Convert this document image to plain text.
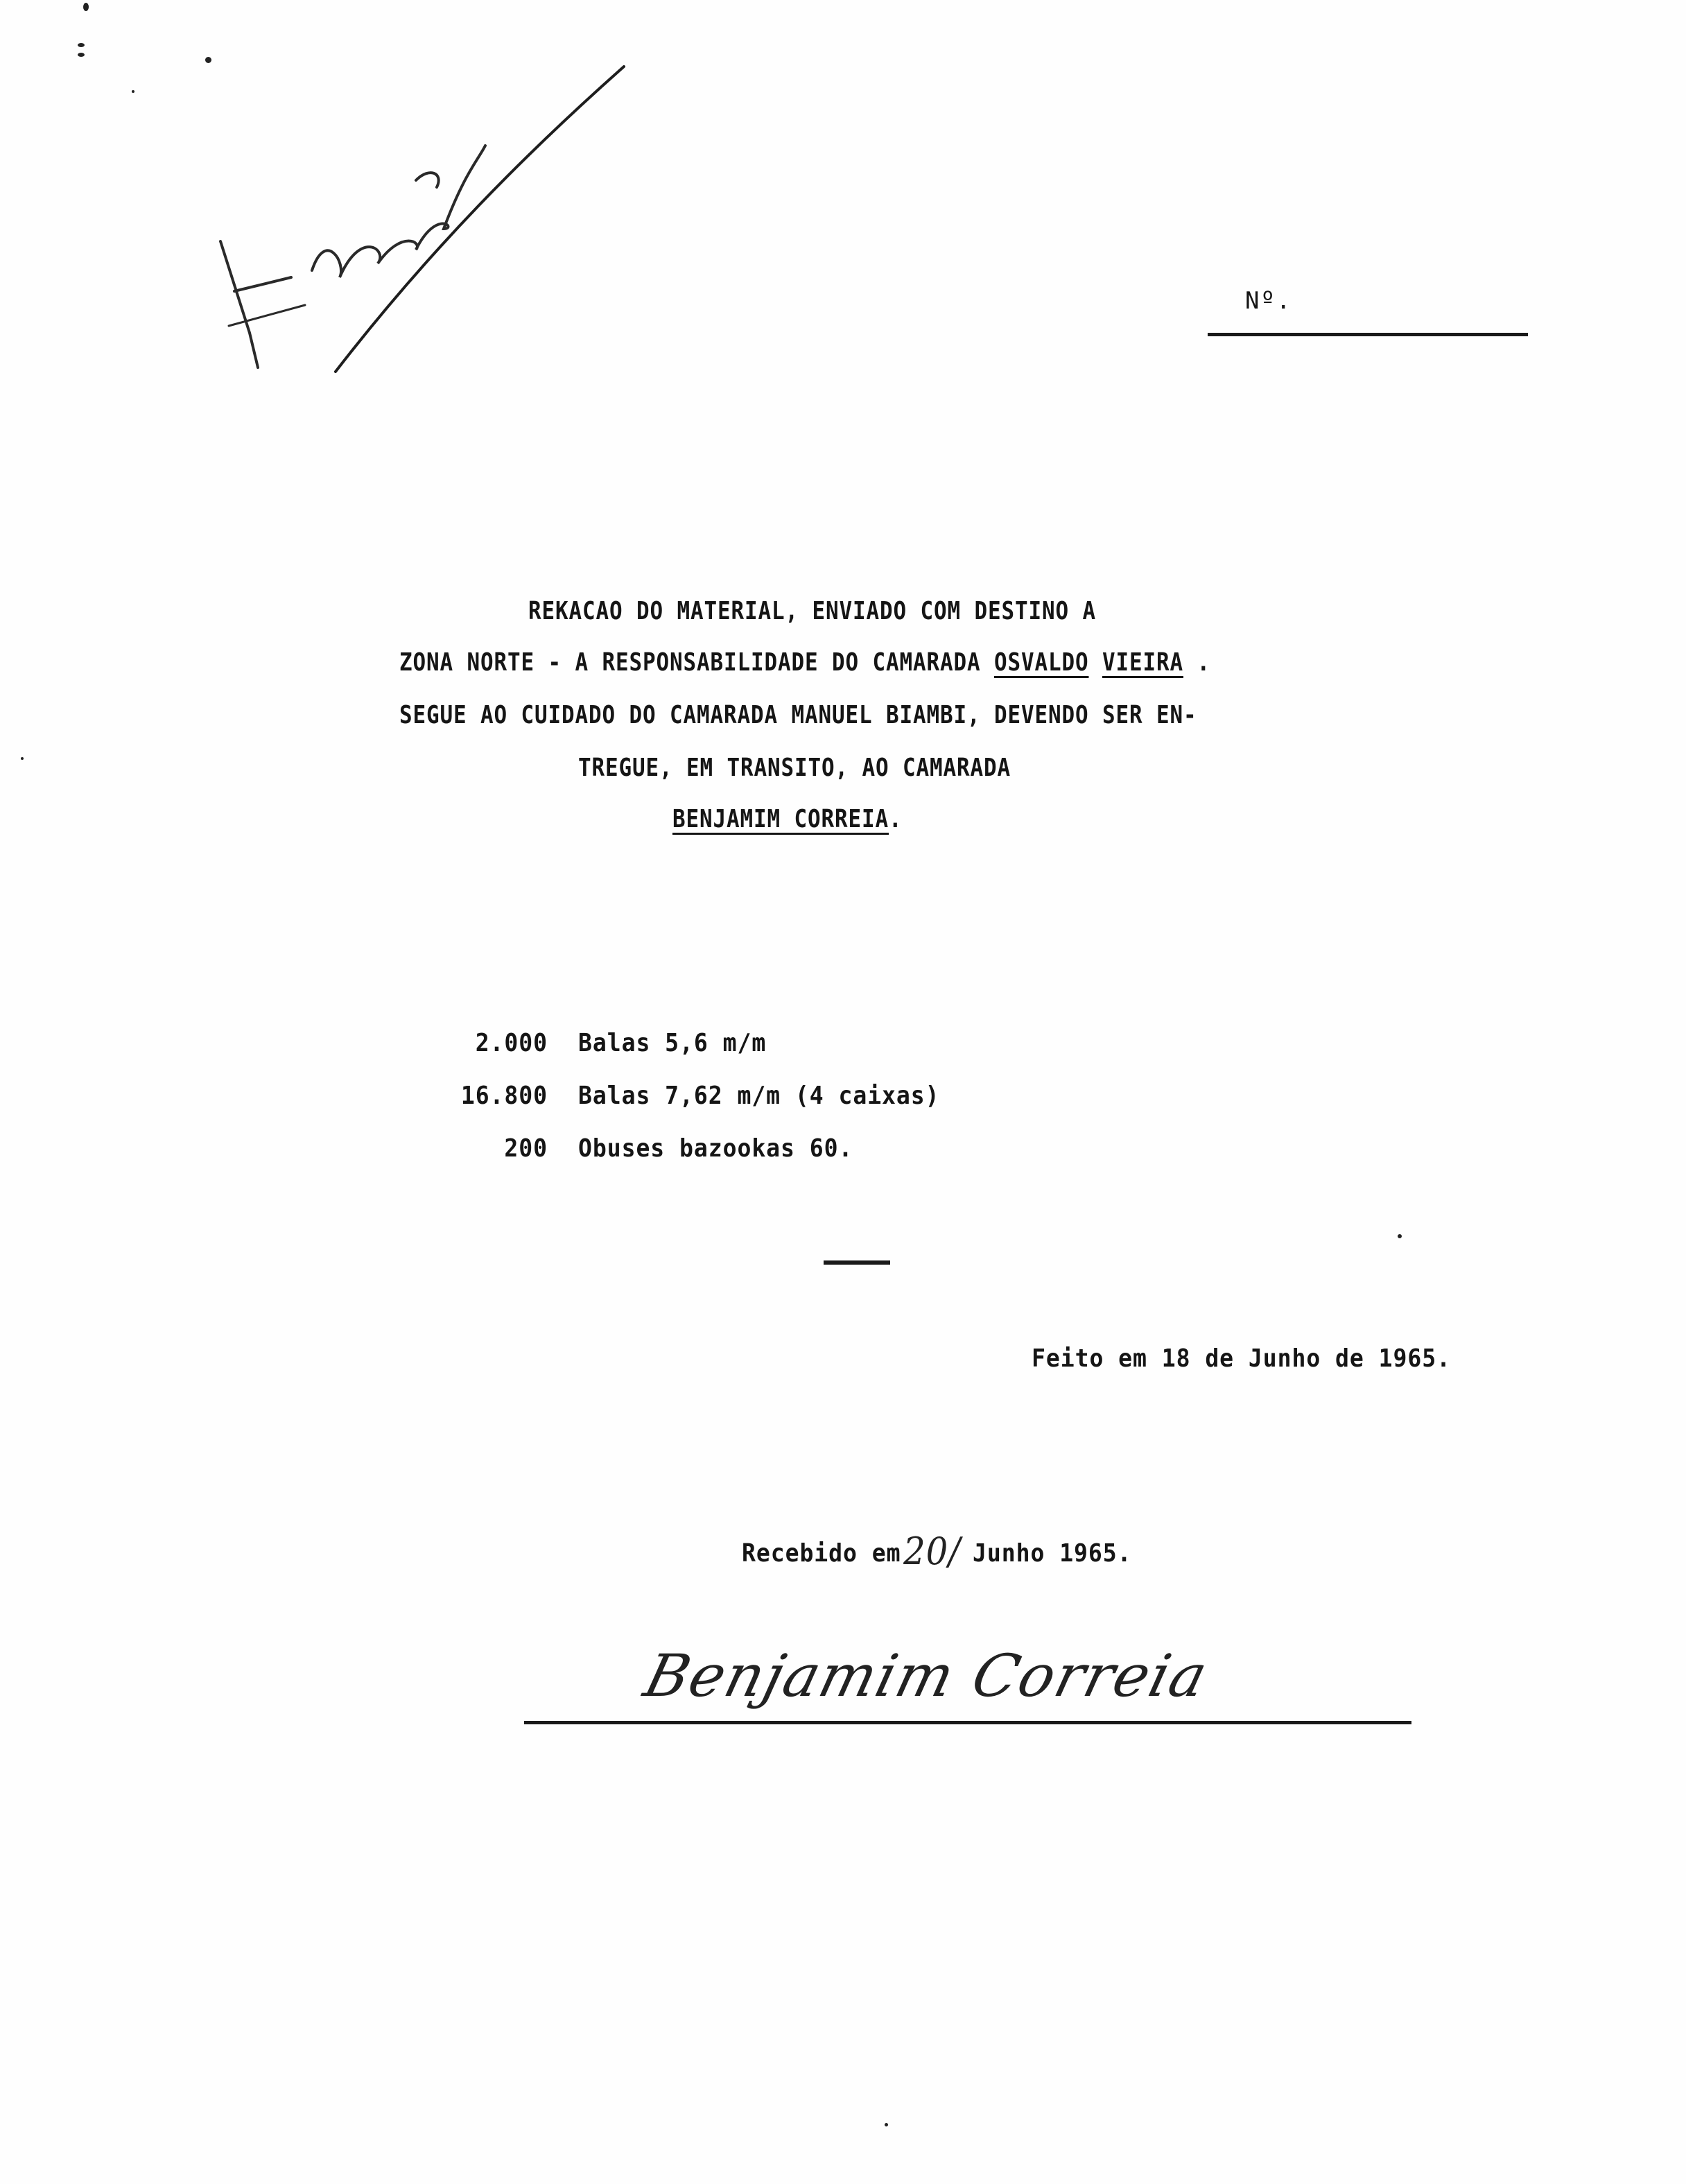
Nº.
REKACAO DO MATERIAL, ENVIADO COM DESTINO A
ZONA NORTE - A RESPONSABILIDADE DO CAMARADA OSVALDO VIEIRA .
SEGUE AO CUIDADO DO CAMARADA MANUEL BIAMBI, DEVENDO SER EN-
TREGUE, EM TRANSITO, AO CAMARADA
BENJAMIM CORREIA.
2.000 Balas 5,6 m/m
16.800 Balas 7,62 m/m (4 caixas)
200 Obuses bazookas 60.
Feito em 18 de Junho de 1965.
Recebido em20/ Junho 1965.
Benjamim Correia
